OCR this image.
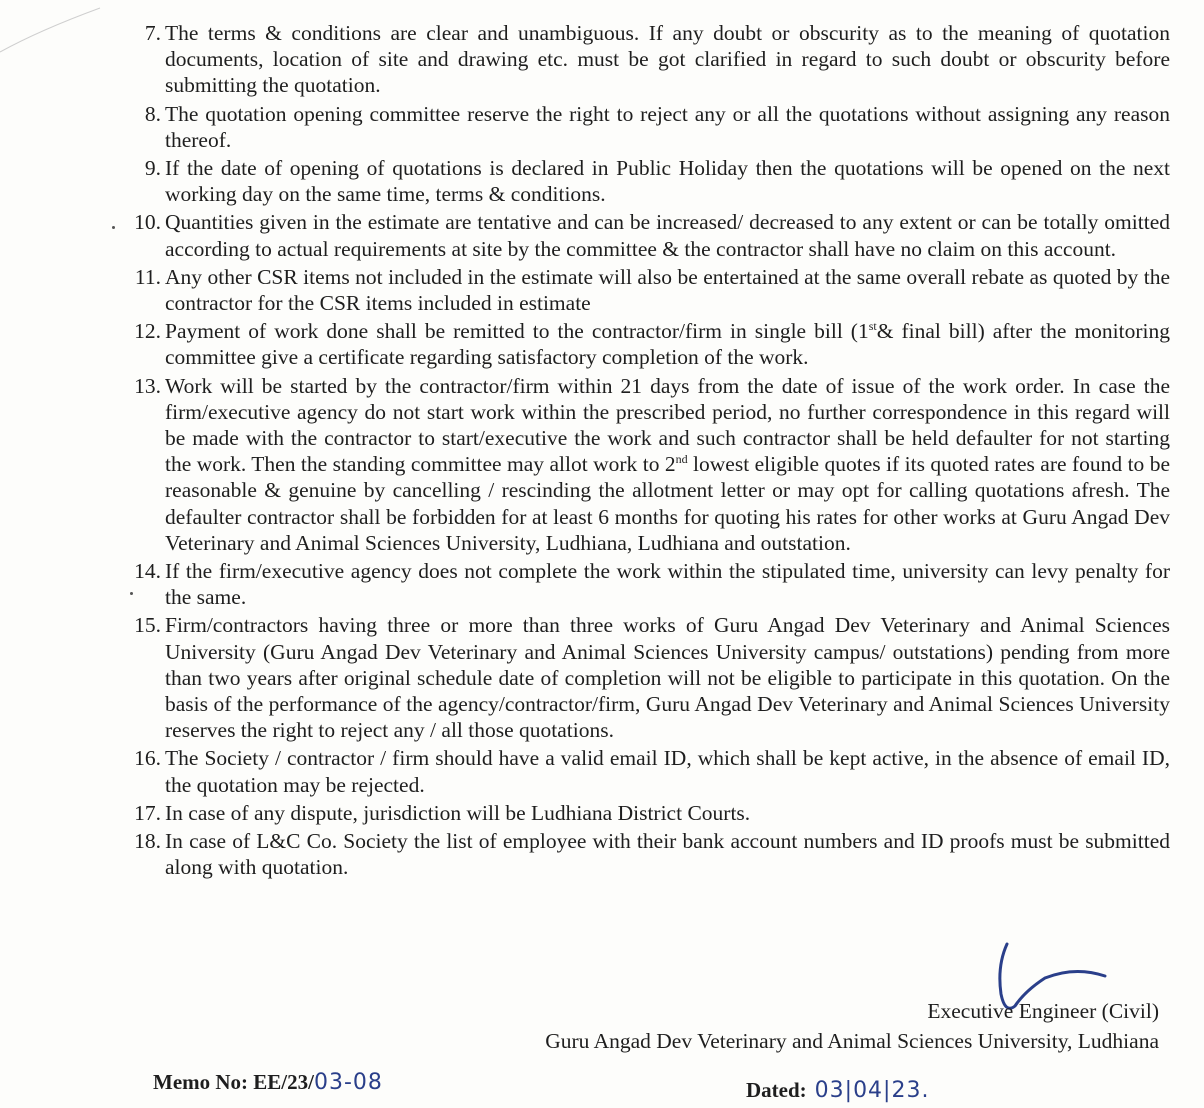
7. The terms & conditions are clear and unambiguous. If any doubt or obscurity as to the meaning of quotation documents, location of site and drawing etc. must be got clarified in regard to such doubt or obscurity before submitting the quotation.
8. The quotation opening committee reserve the right to reject any or all the quotations without assigning any reason thereof.
9. If the date of opening of quotations is declared in Public Holiday then the quotations will be opened on the next working day on the same time, terms & conditions.
10. Quantities given in the estimate are tentative and can be increased/ decreased to any extent or can be totally omitted according to actual requirements at site by the committee & the contractor shall have no claim on this account.
11. Any other CSR items not included in the estimate will also be entertained at the same overall rebate as quoted by the contractor for the CSR items included in estimate
12. Payment of work done shall be remitted to the contractor/firm in single bill (1st& final bill) after the monitoring committee give a certificate regarding satisfactory completion of the work.
13. Work will be started by the contractor/firm within 21 days from the date of issue of the work order. In case the firm/executive agency do not start work within the prescribed period, no further correspondence in this regard will be made with the contractor to start/executive the work and such contractor shall be held defaulter for not starting the work. Then the standing committee may allot work to 2nd lowest eligible quotes if its quoted rates are found to be reasonable & genuine by cancelling / rescinding the allotment letter or may opt for calling quotations afresh. The defaulter contractor shall be forbidden for at least 6 months for quoting his rates for other works at Guru Angad Dev Veterinary and Animal Sciences University, Ludhiana, Ludhiana and outstation.
14. If the firm/executive agency does not complete the work within the stipulated time, university can levy penalty for the same.
15. Firm/contractors having three or more than three works of Guru Angad Dev Veterinary and Animal Sciences University (Guru Angad Dev Veterinary and Animal Sciences University campus/ outstations) pending from more than two years after original schedule date of completion will not be eligible to participate in this quotation. On the basis of the performance of the agency/contractor/firm, Guru Angad Dev Veterinary and Animal Sciences University reserves the right to reject any / all those quotations.
16. The Society / contractor / firm should have a valid email ID, which shall be kept active, in the absence of email ID, the quotation may be rejected.
17. In case of any dispute, jurisdiction will be Ludhiana District Courts.
18. In case of L&C Co. Society the list of employee with their bank account numbers and ID proofs must be submitted along with quotation.
Executive Engineer (Civil)
Guru Angad Dev Veterinary and Animal Sciences University, Ludhiana
Memo No: EE/23/03-08	Dated: 03|04|23.
